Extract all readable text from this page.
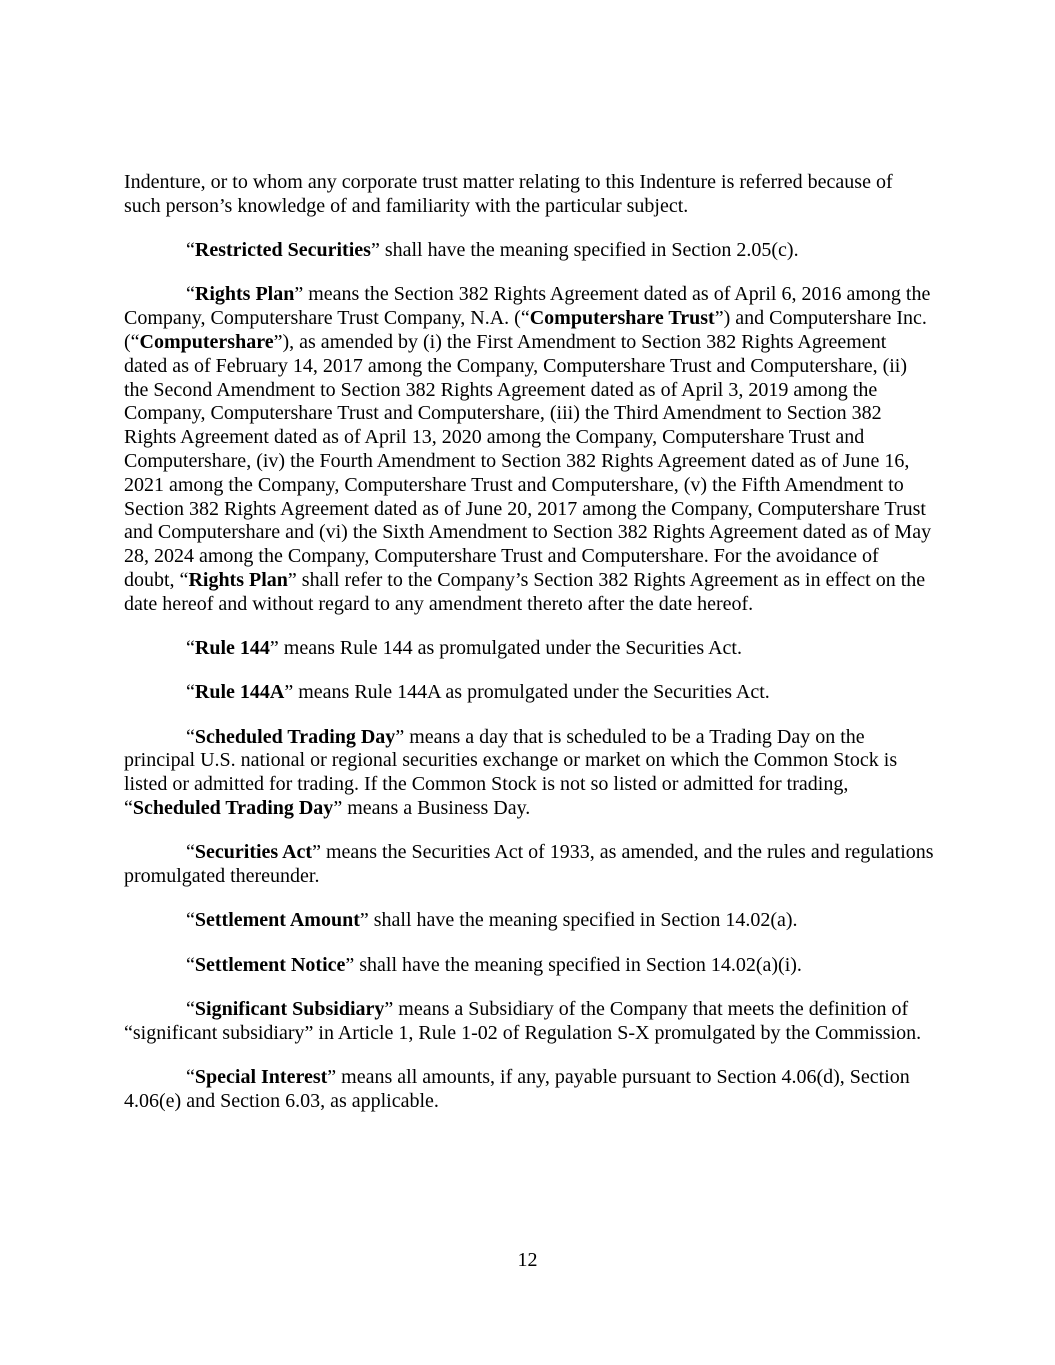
Indenture, or to whom any corporate trust matter relating to this Indenture is referred because of such person’s knowledge of and familiarity with the particular subject.

“Restricted Securities” shall have the meaning specified in Section 2.05(c).

“Rights Plan” means the Section 382 Rights Agreement dated as of April 6, 2016 among the Company, Computershare Trust Company, N.A. (“Computershare Trust”) and Computershare Inc. (“Computershare”), as amended by (i) the First Amendment to Section 382 Rights Agreement dated as of February 14, 2017 among the Company, Computershare Trust and Computershare, (ii) the Second Amendment to Section 382 Rights Agreement dated as of April 3, 2019 among the Company, Computershare Trust and Computershare, (iii) the Third Amendment to Section 382 Rights Agreement dated as of April 13, 2020 among the Company, Computershare Trust and Computershare, (iv) the Fourth Amendment to Section 382 Rights Agreement dated as of June 16, 2021 among the Company, Computershare Trust and Computershare, (v) the Fifth Amendment to Section 382 Rights Agreement dated as of June 20, 2017 among the Company, Computershare Trust and Computershare and (vi) the Sixth Amendment to Section 382 Rights Agreement dated as of May 28, 2024 among the Company, Computershare Trust and Computershare. For the avoidance of doubt, “Rights Plan” shall refer to the Company’s Section 382 Rights Agreement as in effect on the date hereof and without regard to any amendment thereto after the date hereof.

“Rule 144” means Rule 144 as promulgated under the Securities Act.

“Rule 144A” means Rule 144A as promulgated under the Securities Act.

“Scheduled Trading Day” means a day that is scheduled to be a Trading Day on the principal U.S. national or regional securities exchange or market on which the Common Stock is listed or admitted for trading. If the Common Stock is not so listed or admitted for trading, “Scheduled Trading Day” means a Business Day.

“Securities Act” means the Securities Act of 1933, as amended, and the rules and regulations promulgated thereunder.

“Settlement Amount” shall have the meaning specified in Section 14.02(a).

“Settlement Notice” shall have the meaning specified in Section 14.02(a)(i).

“Significant Subsidiary” means a Subsidiary of the Company that meets the definition of “significant subsidiary” in Article 1, Rule 1-02 of Regulation S-X promulgated by the Commission.

“Special Interest” means all amounts, if any, payable pursuant to Section 4.06(d), Section 4.06(e) and Section 6.03, as applicable.

12
